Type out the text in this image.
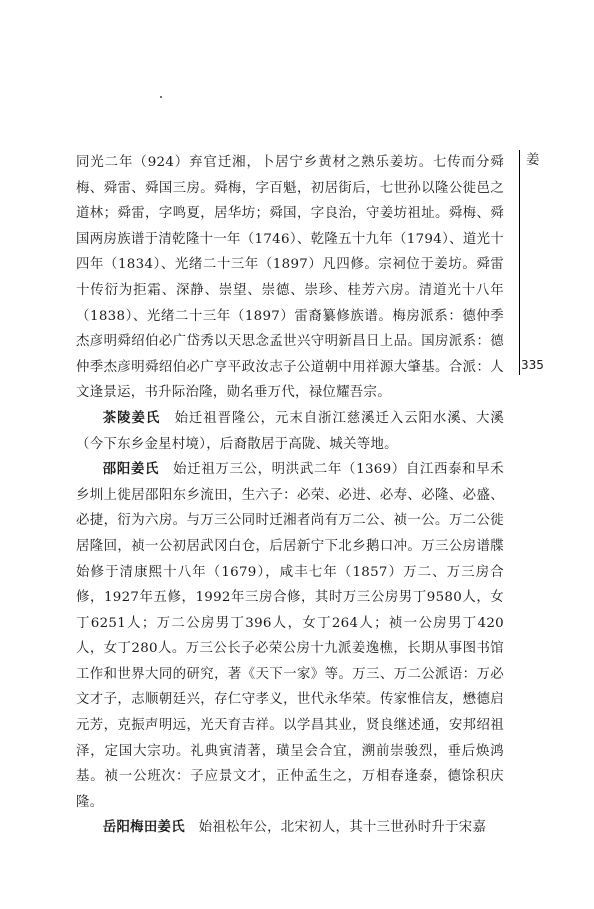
同光二年（924）弃官迁湘，卜居宁乡黄材之熟乐姜坊。七传而分舜梅、舜雷、舜国三房。舜梅，字百魁，初居街后，七世孙以隆公徙邑之道林；舜雷，字鸣夏，居华坊；舜国，字良治，守姜坊祖址。舜梅、舜国两房族谱于清乾隆十一年（1746）、乾隆五十九年（1794）、道光十四年（1834）、光绪二十三年（1897）凡四修。宗祠位于姜坊。舜雷十传衍为拒霜、深静、崇望、崇德、崇珍、桂芳六房。清道光十八年（1838）、光绪二十三年（1897）雷裔纂修族谱。梅房派系：德仲季杰彦明舜绍伯必广岱秀以天思念孟世兴守明新昌日上品。国房派系：德仲季杰彦明舜绍伯必广亨平政汝志子公道朝中用祥源大肇基。合派：人文逢景运，书升际治隆，勋名垂万代，禄位耀吾宗。

茶陵姜氏　始迁祖晋隆公，元末自浙江慈溪迁入云阳水溪、大溪（今下东乡金星村境），后裔散居于高陇、城关等地。

邵阳姜氏　始迁祖万三公，明洪武二年（1369）自江西泰和早禾乡圳上徙居邵阳东乡流田，生六子：必荣、必进、必寿、必隆、必盛、必捷，衍为六房。与万三公同时迁湘者尚有万二公、祯一公。万二公徙居隆回，祯一公初居武冈白仓，后居新宁下北乡鹅口冲。万三公房谱牒始修于清康熙十八年（1679），咸丰七年（1857）万二、万三房合修，1927年五修，1992年三房合修，其时万三公房男丁9580人，女丁6251人；万二公房男丁396人，女丁264人；祯一公房男丁420人，女丁280人。万三公长子必荣公房十九派姜逸樵，长期从事图书馆工作和世界大同的研究，著《天下一家》等。万三、万二公派语：万必文才子，志顺朝廷兴，存仁守孝义，世代永华荣。传家惟信友，懋德启元芳，克振声明远，光天育吉祥。以学昌其业，贤良继述通，安邦绍祖泽，定国大宗功。礼典寅清著，璜呈会合宜，溯前崇骏烈，垂后焕鸿基。祯一公班次：子应景文才，正仲孟生之，万相春逢泰，德馀积庆隆。

岳阳梅田姜氏　始祖松年公，北宋初人，其十三世孙时升于宋嘉

姜
335
